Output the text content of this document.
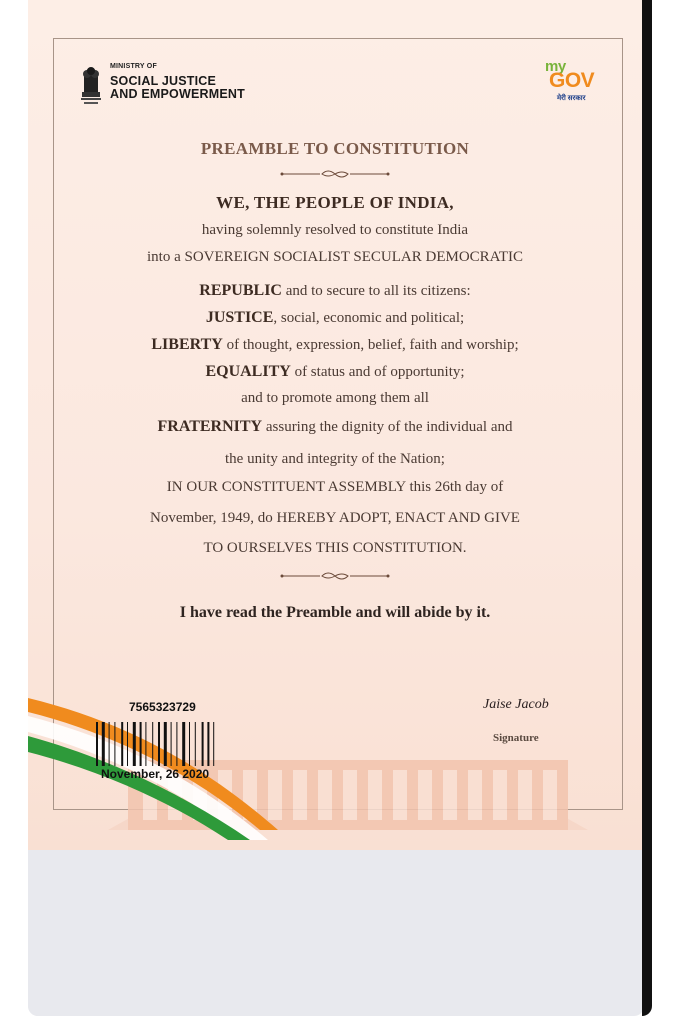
MINISTRY OF
SOCIAL JUSTICE
AND EMPOWERMENT
my
GOV
मेरी सरकार
PREAMBLE TO CONSTITUTION
WE, THE PEOPLE OF INDIA,
having solemnly resolved to constitute India
into a SOVEREIGN SOCIALIST SECULAR DEMOCRATIC
REPUBLIC and to secure to all its citizens:
JUSTICE, social, economic and political;
LIBERTY of thought, expression, belief, faith and worship;
EQUALITY of status and of opportunity;
and to promote among them all
FRATERNITY assuring the dignity of the individual and
the unity and integrity of the Nation;
IN OUR CONSTITUENT ASSEMBLY this 26th day of
November, 1949, do HEREBY ADOPT, ENACT AND GIVE
TO OURSELVES THIS CONSTITUTION.
I have read the Preamble and will abide by it.
7565323729
November, 26 2020
Jaise Jacob
Signature
